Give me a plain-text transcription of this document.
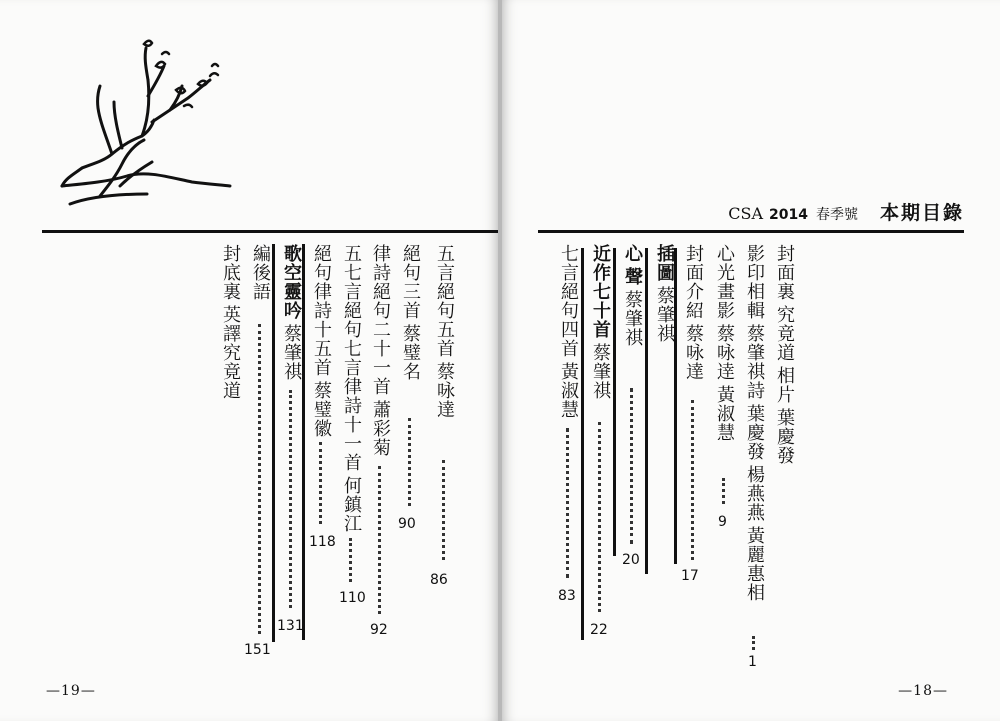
五言絕句五首蔡咏達
86
絕句三首蔡璧名
90
律詩絕句二十一首蕭彩菊
92
五七言絕句七言律詩十一首何鎮江
110
絕句律詩十五首蔡璧徽
118
歌空靈吟蔡肇祺
131
編後語
151
封底裏英譯究竟道
—19—
CSA 2014 春季號 本期目錄
封面裏究竟道相片葉慶發
影印相輯蔡肇祺詩葉慶發楊燕燕黃麗惠相
1
心光畫影蔡咏逹黃淑慧
9
封面介紹蔡咏達
17
插圖蔡肇祺
心聲蔡肇祺
20
近作七十首蔡肇祺
22
七言絕句四首黃淑慧
83
—18—
